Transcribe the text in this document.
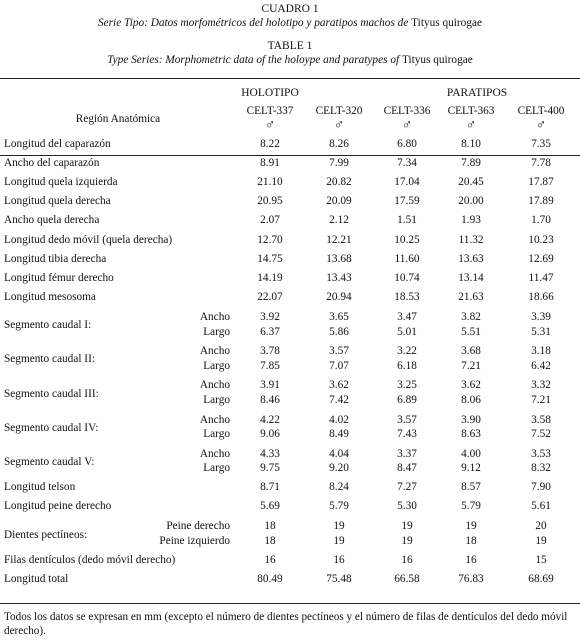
CUADRO 1
Serie Tipo: Datos morfométricos del holotipo y paratipos machos de Tityus quirogae
TABLE 1
Type Series: Morphometric data of the holoype and paratypes of Tityus quirogae
		HOLOTIPO		PARATIPOS		
Región Anatómica		CELT-337	CELT-320	CELT-336	CELT-363	CELT-400
		♂	♂	♂	♂	♂
Longitud del caparazón		8.22	8.26	6.80	8.10	7.35
Ancho del caparazón		8.91	7.99	7.34	7.89	7.78
Longitud quela izquierda		21.10	20.82	17.04	20.45	17.87
Longitud quela derecha		20.95	20.09	17.59	20.00	17.89
Ancho quela derecha		2.07	2.12	1.51	1.93	1.70
Longitud dedo móvil (quela derecha)		12.70	12.21	10.25	11.32	10.23
Longitud tibia derecha		14.75	13.68	11.60	13.63	12.69
Longitud fémur derecho		14.19	13.43	10.74	13.14	11.47
Longitud mesosoma		22.07	20.94	18.53	21.63	18.66
Segmento caudal I:	Ancho	3.92	3.65	3.47	3.82	3.39
	Largo	6.37	5.86	5.01	5.51	5.31
Segmento caudal II:	Ancho	3.78	3.57	3.22	3.68	3.18
	Largo	7.85	7.07	6.18	7.21	6.42
Segmento caudal III:	Ancho	3.91	3.62	3.25	3.62	3.32
	Largo	8.46	7.42	6.89	8.06	7.21
Segmento caudal IV:	Ancho	4.22	4.02	3.57	3.90	3.58
	Largo	9.06	8.49	7.43	8.63	7.52
Segmento caudal V:	Ancho	4.33	4.04	3.37	4.00	3.53
	Largo	9.75	9.20	8.47	9.12	8.32
Longitud telson		8.71	8.24	7.27	8.57	7.90
Longitud peine derecho		5.69	5.79	5.30	5.79	5.61
Dientes pectíneos:	Peine derecho	18	19	19	19	20
	Peine izquierdo	18	19	19	18	19
Filas dentículos (dedo móvil derecho)		16	16	16	16	15
Longitud total		80.49	75.48	66.58	76.83	68.69
Todos los datos se expresan en mm (excepto el número de dientes pectíneos y el número de filas de dentículos del dedo móvil derecho).
